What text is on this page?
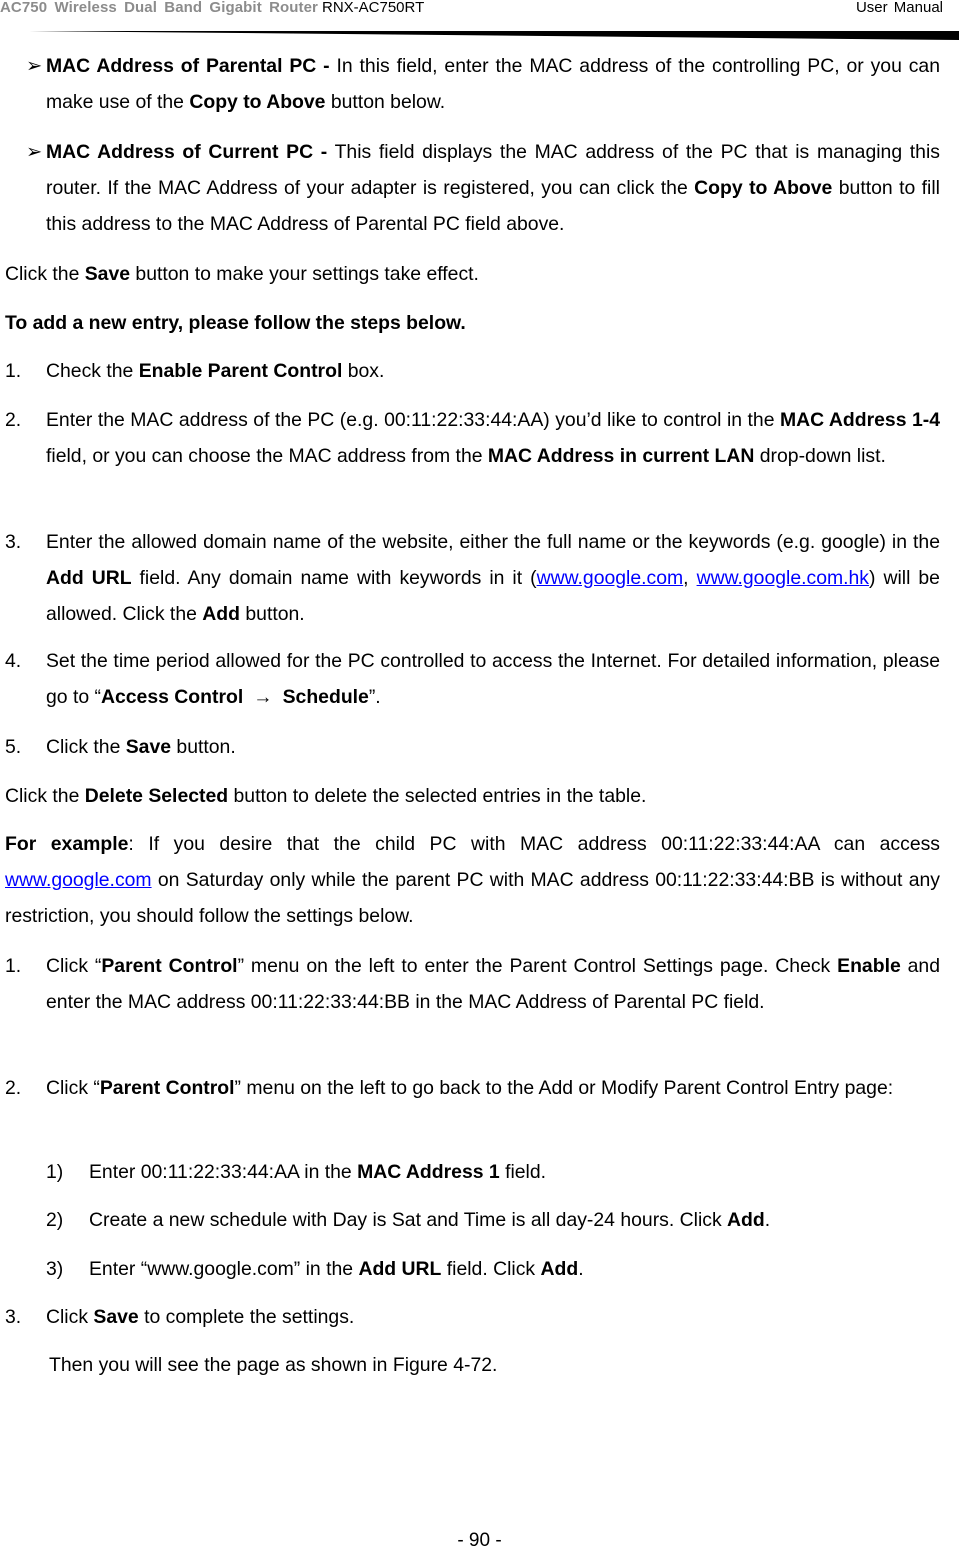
AC750 Wireless Dual Band Gigabit Router RNX-AC750RT	User Manual
➢ MAC Address of Parental PC - In this field, enter the MAC address of the controlling PC, or you can make use of the Copy to Above button below.
➢ MAC Address of Current PC - This field displays the MAC address of the PC that is managing this router. If the MAC Address of your adapter is registered, you can click the Copy to Above button to fill this address to the MAC Address of Parental PC field above.
Click the Save button to make your settings take effect.
To add a new entry, please follow the steps below.
1. Check the Enable Parent Control box.
2. Enter the MAC address of the PC (e.g. 00:11:22:33:44:AA) you’d like to control in the MAC Address 1-4 field, or you can choose the MAC address from the MAC Address in current LAN drop-down list.
3. Enter the allowed domain name of the website, either the full name or the keywords (e.g. google) in the Add URL field. Any domain name with keywords in it (www.google.com, www.google.com.hk) will be allowed. Click the Add button.
4. Set the time period allowed for the PC controlled to access the Internet. For detailed information, please go to “Access Control → Schedule”.
5. Click the Save button.
Click the Delete Selected button to delete the selected entries in the table.
For example: If you desire that the child PC with MAC address 00:11:22:33:44:AA can access www.google.com on Saturday only while the parent PC with MAC address 00:11:22:33:44:BB is without any restriction, you should follow the settings below.
1. Click “Parent Control” menu on the left to enter the Parent Control Settings page. Check Enable and enter the MAC address 00:11:22:33:44:BB in the MAC Address of Parental PC field.
2. Click “Parent Control” menu on the left to go back to the Add or Modify Parent Control Entry page:
1) Enter 00:11:22:33:44:AA in the MAC Address 1 field.
2) Create a new schedule with Day is Sat and Time is all day-24 hours. Click Add.
3) Enter “www.google.com” in the Add URL field. Click Add.
3. Click Save to complete the settings.
Then you will see the page as shown in Figure 4-72.
- 90 -
